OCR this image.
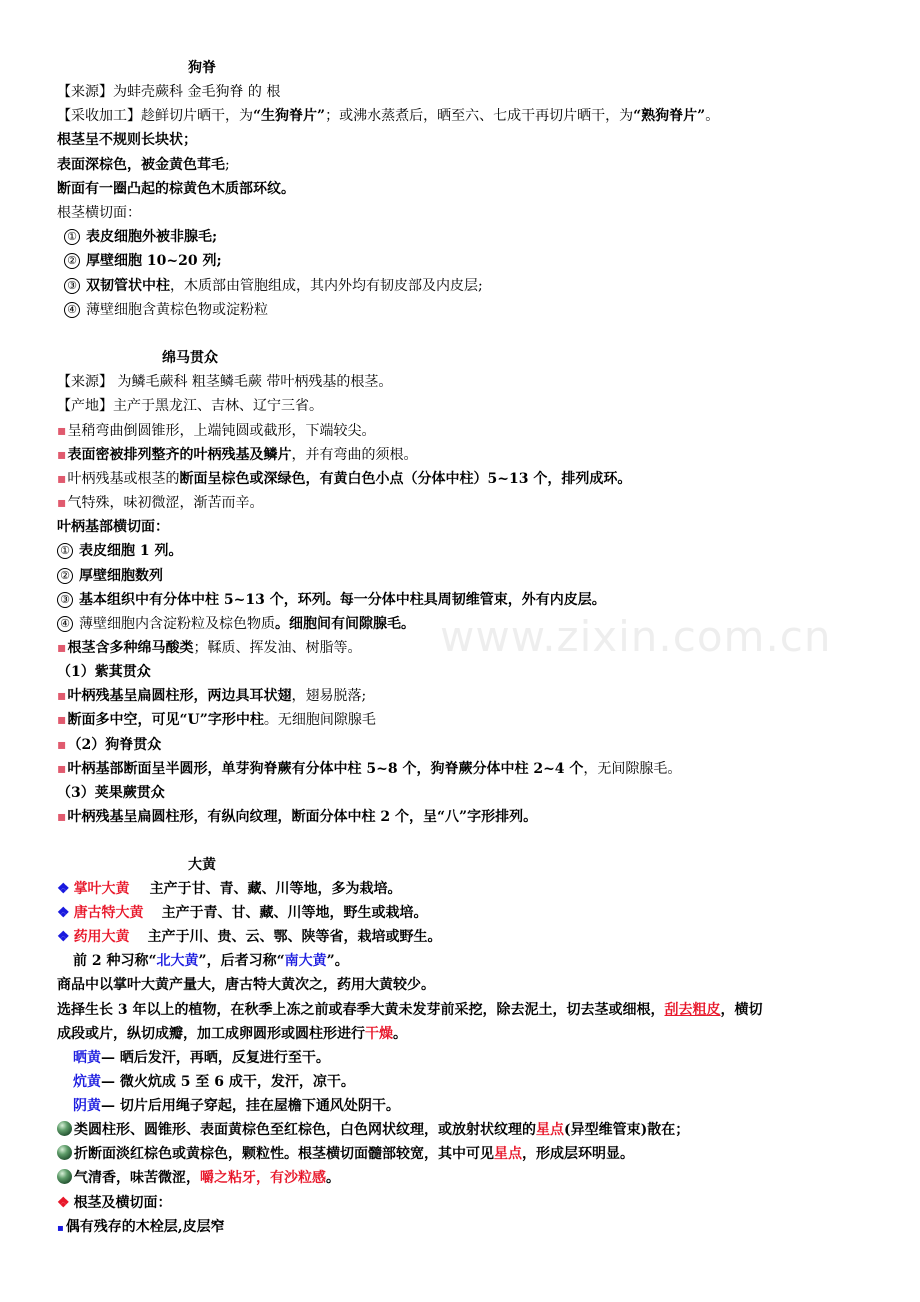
狗脊
【来源】为蚌壳蕨科 金毛狗脊 的 根
【采收加工】趁鲜切片晒干，为“生狗脊片”；或沸水蒸煮后，晒至六、七成干再切片晒干，为“熟狗脊片”。
根茎呈不规则长块状；
表面深棕色，被金黄色茸毛;
断面有一圈凸起的棕黄色木质部环纹。
根茎横切面：
① 表皮细胞外被非腺毛;
② 厚壁细胞 10~20 列;
③ 双韧管状中柱，木质部由管胞组成，其内外均有韧皮部及内皮层;
④ 薄壁细胞含黄棕色物或淀粉粒
绵马贯众
【来源】 为鳞毛蕨科 粗茎鳞毛蕨 带叶柄残基的根茎。
【产地】主产于黑龙江、吉林、辽宁三省。
▪呈稍弯曲倒圆锥形，上端钝圆或截形，下端较尖。
▪表面密被排列整齐的叶柄残基及鳞片，并有弯曲的须根。
▪叶柄残基或根茎的断面呈棕色或深绿色，有黄白色小点（分体中柱）5~13 个，排列成环。
▪气特殊，味初微涩，渐苦而辛。
叶柄基部横切面：
① 表皮细胞 1 列。
② 厚壁细胞数列
③ 基本组织中有分体中柱 5~13 个，环列。每一分体中柱具周韧维管束，外有内皮层。
④ 薄壁细胞内含淀粉粒及棕色物质。细胞间有间隙腺毛。
▪根茎含多种绵马酸类；鞣质、挥发油、树脂等。
（1）紫萁贯众
▪叶柄残基呈扁圆柱形，两边具耳状翅，翅易脱落;
▪断面多中空，可见“U”字形中柱。无细胞间隙腺毛
▪（2）狗脊贯众
▪叶柄基部断面呈半圆形，单芽狗脊蕨有分体中柱 5~8 个，狗脊蕨分体中柱 2~4 个，无间隙腺毛。
（3）荚果蕨贯众
▪叶柄残基呈扁圆柱形，有纵向纹理，断面分体中柱 2 个，呈“八”字形排列。
大黄
❖ 掌叶大黄 主产于甘、青、藏、川等地，多为栽培。
❖ 唐古特大黄 主产于青、甘、藏、川等地，野生或栽培。
❖ 药用大黄 主产于川、贵、云、鄂、陕等省，栽培或野生。
前 2 种习称“北大黄”，后者习称“南大黄”。
商品中以掌叶大黄产量大，唐古特大黄次之，药用大黄较少。
选择生长 3 年以上的植物，在秋季上冻之前或春季大黄未发芽前采挖，除去泥土，切去茎或细根，刮去粗皮，横切
成段或片，纵切成瓣，加工成卵圆形或圆柱形进行干燥。
晒黄— 晒后发汗，再晒，反复进行至干。
炕黄— 微火炕成 5 至 6 成干，发汗，凉干。
阴黄— 切片后用绳子穿起，挂在屋檐下通风处阴干。
类圆柱形、圆锥形、表面黄棕色至红棕色，白色网状纹理，或放射状纹理的星点(异型维管束)散在；
折断面淡红棕色或黄棕色，颗粒性。根茎横切面髓部较宽，其中可见星点，形成层环明显。
气清香，味苦微涩，嚼之粘牙，有沙粒感。
❖ 根茎及横切面：
▪ 偶有残存的木栓层,皮层窄
www.zixin.com.cn
